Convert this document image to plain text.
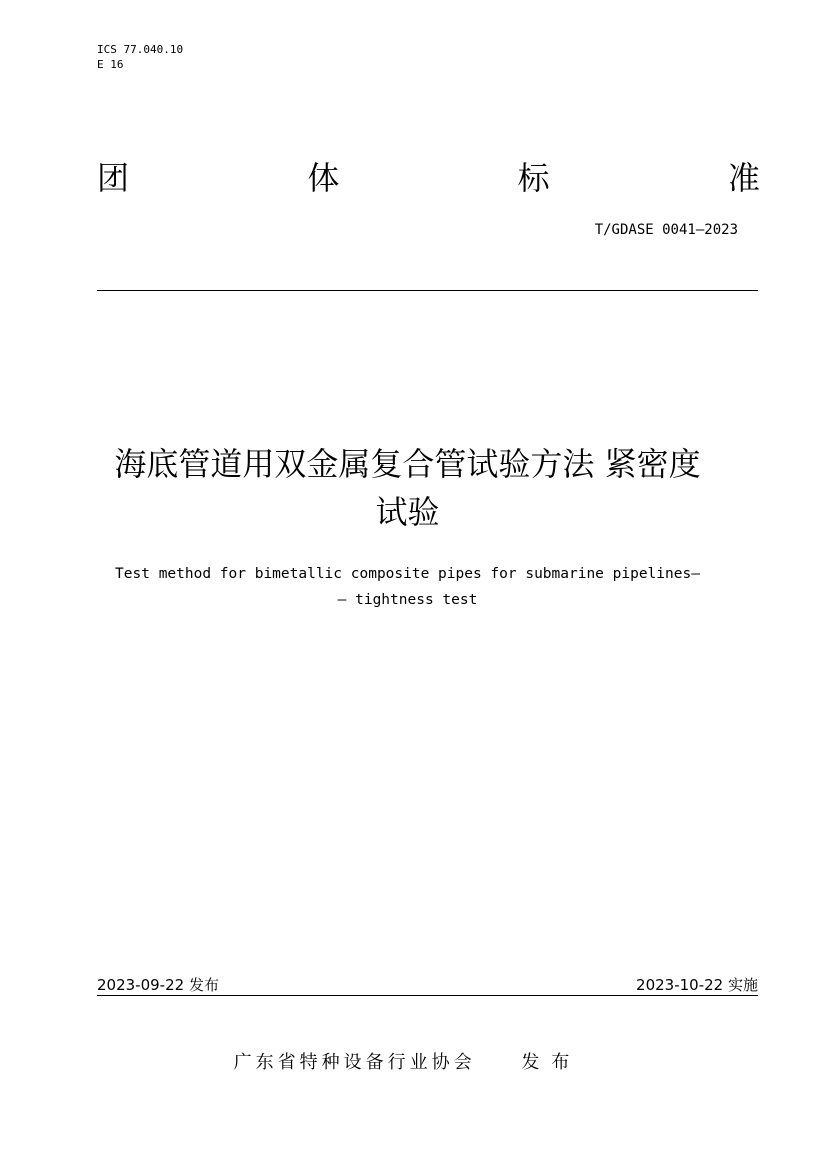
ICS 77.040.10
E 16
团	体	标	准
T/GDASE 0041—2023
海底管道用双金属复合管试验方法 紧密度
试验
Test method for bimetallic composite pipes for submarine pipelines—
— tightness test
2023-09-22 发布	2023-10-22 实施
广东省特种设备行业协会	发布
